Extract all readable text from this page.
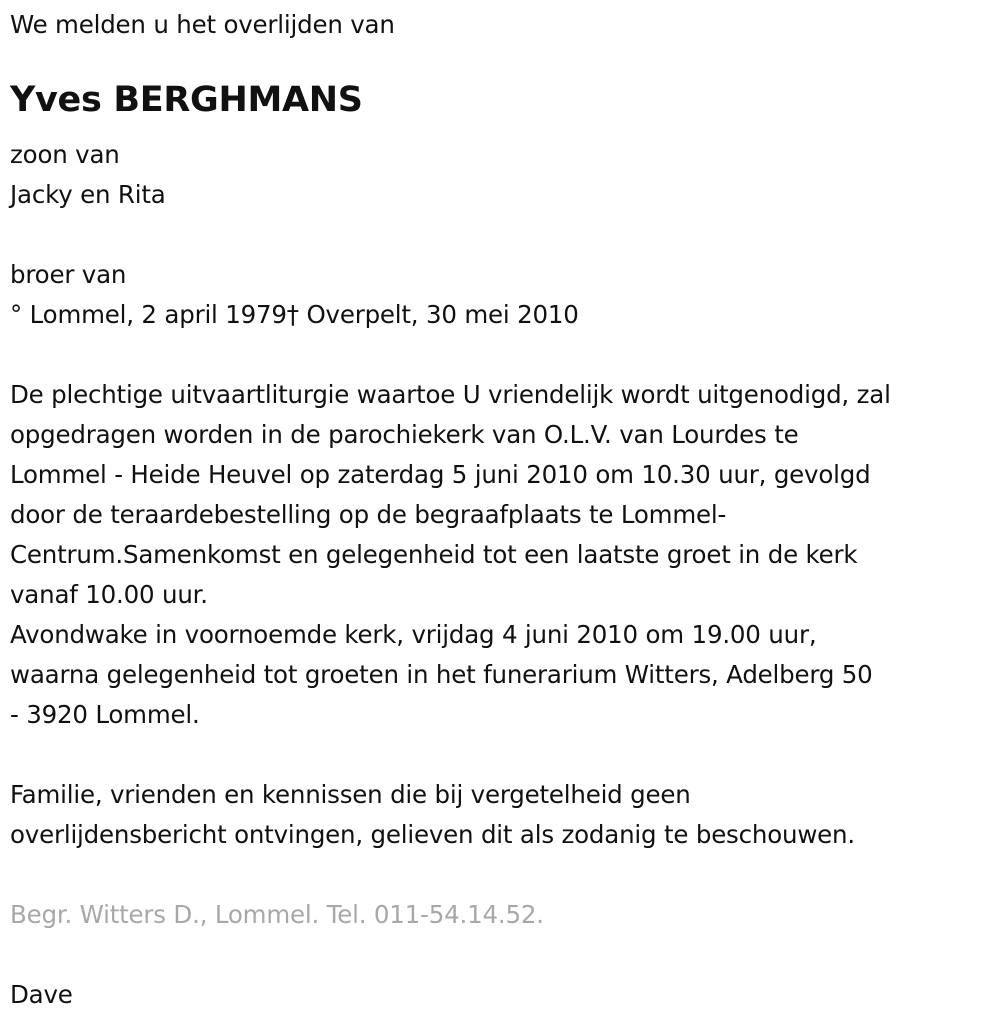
We melden u het overlijden van
Yves BERGHMANS
zoon van
Jacky en Rita
broer van
° Lommel, 2 april 1979† Overpelt, 30 mei 2010
De plechtige uitvaartliturgie waartoe U vriendelijk wordt uitgenodigd, zal
opgedragen worden in de parochiekerk van O.L.V. van Lourdes te
Lommel - Heide Heuvel op zaterdag 5 juni 2010 om 10.30 uur, gevolgd
door de teraardebestelling op de begraafplaats te Lommel-
Centrum.Samenkomst en gelegenheid tot een laatste groet in de kerk
vanaf 10.00 uur.
Avondwake in voornoemde kerk, vrijdag 4 juni 2010 om 19.00 uur,
waarna gelegenheid tot groeten in het funerarium Witters, Adelberg 50
- 3920 Lommel.
Familie, vrienden en kennissen die bij vergetelheid geen
overlijdensbericht ontvingen, gelieven dit als zodanig te beschouwen.
Begr. Witters D., Lommel. Tel. 011-54.14.52.
Dave
